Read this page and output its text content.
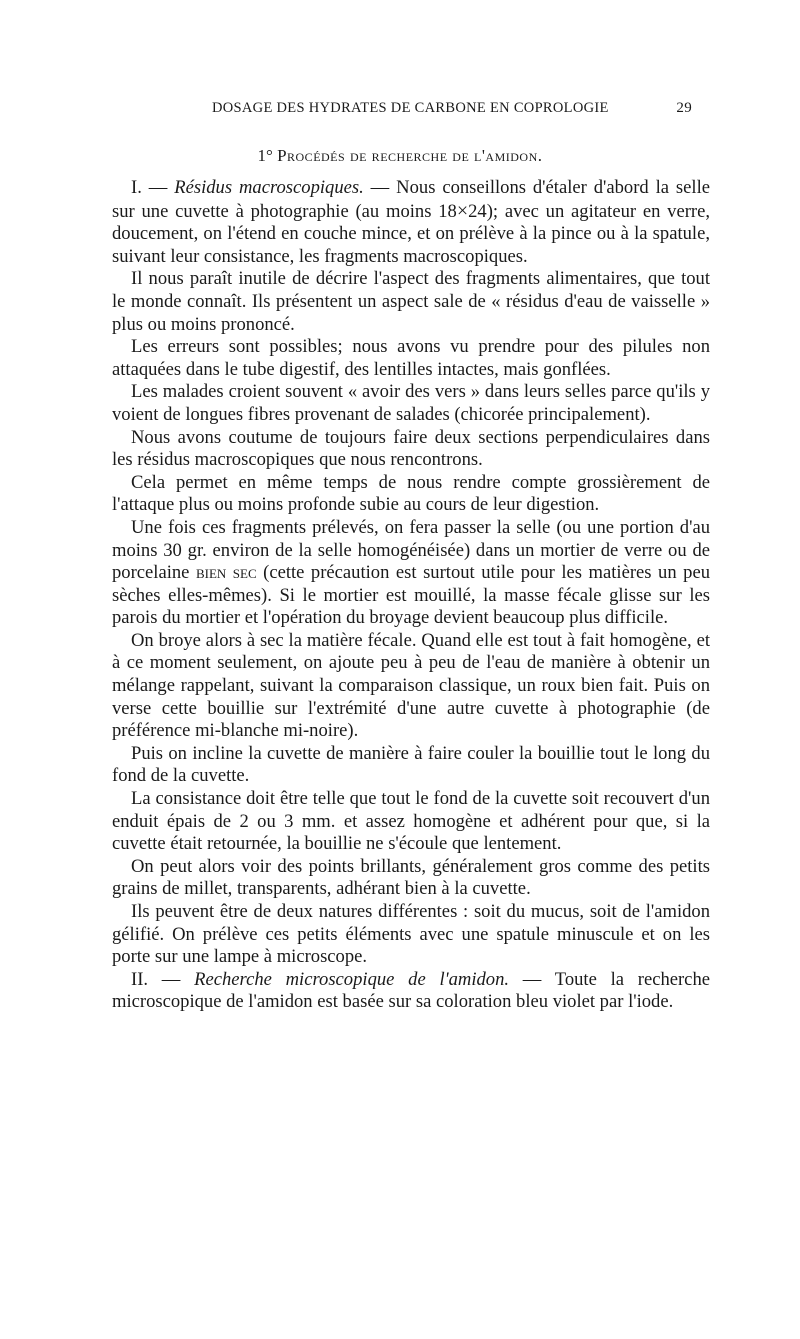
DOSAGE DES HYDRATES DE CARBONE EN COPROLOGIE	29
1° Procédés de recherche de l'amidon.

I. — Résidus macroscopiques. — Nous conseillons d'étaler d'abord la selle sur une cuvette à photographie (au moins 18×24); avec un agitateur en verre, doucement, on l'étend en couche mince, et on prélève à la pince ou à la spatule, suivant leur consistance, les fragments macroscopiques.

Il nous paraît inutile de décrire l'aspect des fragments alimentaires, que tout le monde connaît. Ils présentent un aspect sale de « résidus d'eau de vaisselle » plus ou moins prononcé.

Les erreurs sont possibles; nous avons vu prendre pour des pilules non attaquées dans le tube digestif, des lentilles intactes, mais gonflées.

Les malades croient souvent « avoir des vers » dans leurs selles parce qu'ils y voient de longues fibres provenant de salades (chicorée principalement).

Nous avons coutume de toujours faire deux sections perpendiculaires dans les résidus macroscopiques que nous rencontrons.

Cela permet en même temps de nous rendre compte grossièrement de l'attaque plus ou moins profonde subie au cours de leur digestion.

Une fois ces fragments prélevés, on fera passer la selle (ou une portion d'au moins 30 gr. environ de la selle homogénéisée) dans un mortier de verre ou de porcelaine bien sec (cette précaution est surtout utile pour les matières un peu sèches elles-mêmes). Si le mortier est mouillé, la masse fécale glisse sur les parois du mortier et l'opération du broyage devient beaucoup plus difficile.

On broye alors à sec la matière fécale. Quand elle est tout à fait homogène, et à ce moment seulement, on ajoute peu à peu de l'eau de manière à obtenir un mélange rappelant, suivant la comparaison classique, un roux bien fait. Puis on verse cette bouillie sur l'extrémité d'une autre cuvette à photographie (de préférence mi-blanche mi-noire).

Puis on incline la cuvette de manière à faire couler la bouillie tout le long du fond de la cuvette.

La consistance doit être telle que tout le fond de la cuvette soit recouvert d'un enduit épais de 2 ou 3 mm. et assez homogène et adhérent pour que, si la cuvette était retournée, la bouillie ne s'écoule que lentement.

On peut alors voir des points brillants, généralement gros comme des petits grains de millet, transparents, adhérant bien à la cuvette.

Ils peuvent être de deux natures différentes : soit du mucus, soit de l'amidon gélifié. On prélève ces petits éléments avec une spatule minuscule et on les porte sur une lampe à microscope.

II. — Recherche microscopique de l'amidon. — Toute la recherche microscopique de l'amidon est basée sur sa coloration bleu violet par l'iode.
